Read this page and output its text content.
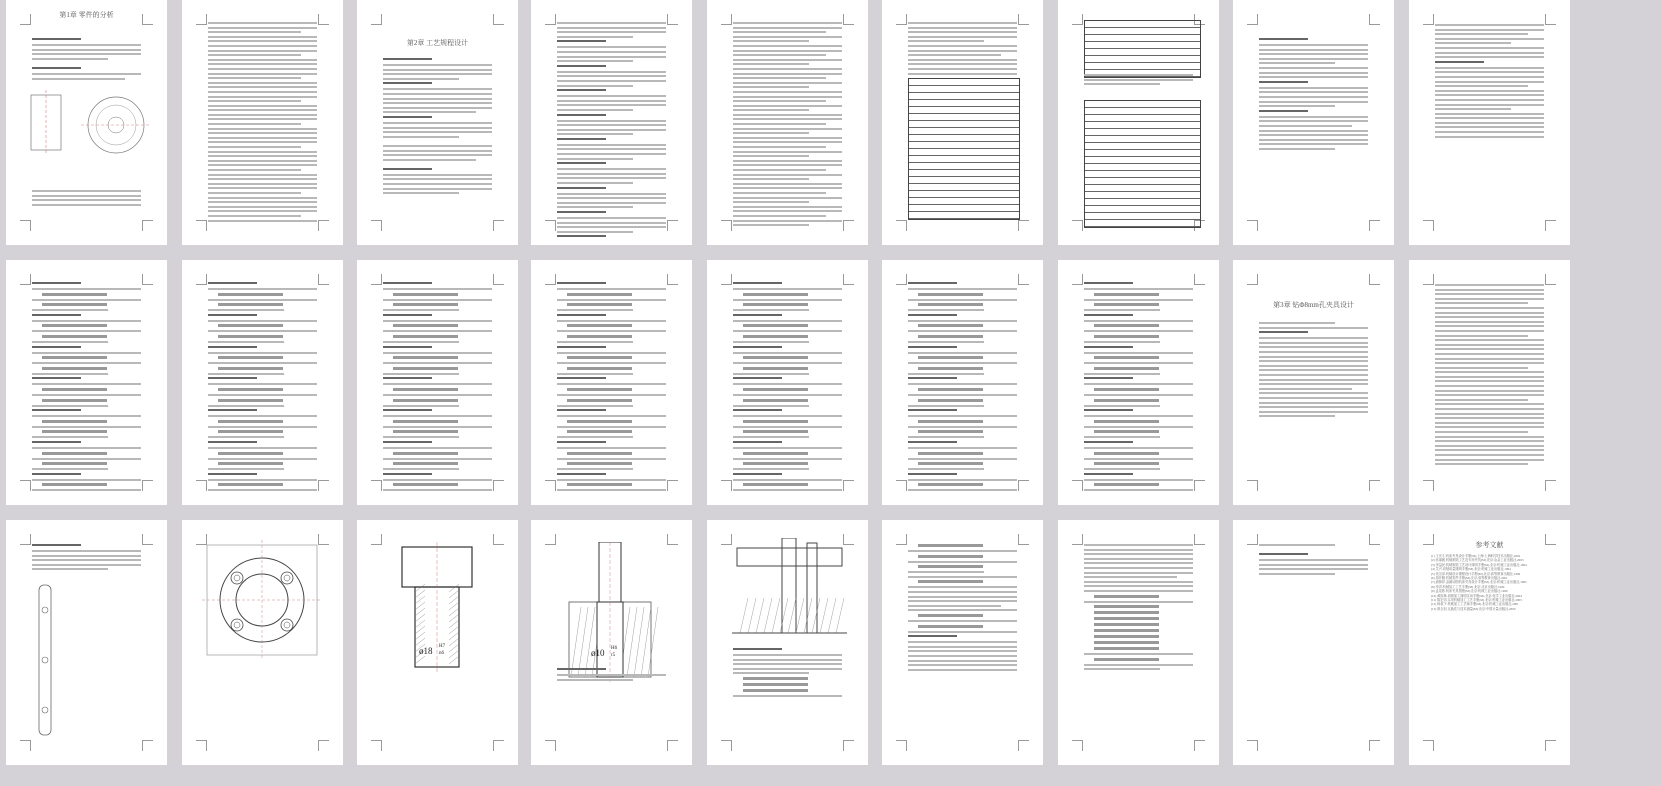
第1章 零件的分析
第2章 工艺规程设计
第3章 钻Φ8mm孔夹具设计
ø18 H7
n6	ø10 H6
r5
参考文献
[1] 王光斗.机床夹具设计手册[M].上海:上海科学技术出版社,2002
[2] 孙丽媛.机械制造工艺及专用夹具[M].北京:冶金工业出版社,2003
[3] 李益民.机械制造工艺设计简明手册[M].北京:机械工业出版社,1994
[4] 艾兴.切削用量简明手册[M].北京:机械工业出版社,1994
[5] 吴宗泽.机械设计课程设计手册[M].北京:高等教育出版社,1999
[6] 周开勤.机械零件手册[M].北京:高等教育出版社,2001
[7] 浦林祥.金属切削机床夹具设计手册[M].北京:机械工业出版社,1995
[8] 李洪.机械加工工艺手册[M].北京:北京出版社,1990
[9] 孟宪栋.机床夹具图册[M].北京:机械工业出版社,1999
[10] 黄如林.切削加工简明实用手册[M].北京:化学工业出版社,2004
[11] 陈宏钧.实用机械加工工艺手册[M].北京:机械工业出版社,2003
[12] 杨叔子.机械加工工艺师手册[M].北京:机械工业出版社,2001
[13] 廖念钊.互换性与技术测量[M].北京:中国计量出版社,2000
